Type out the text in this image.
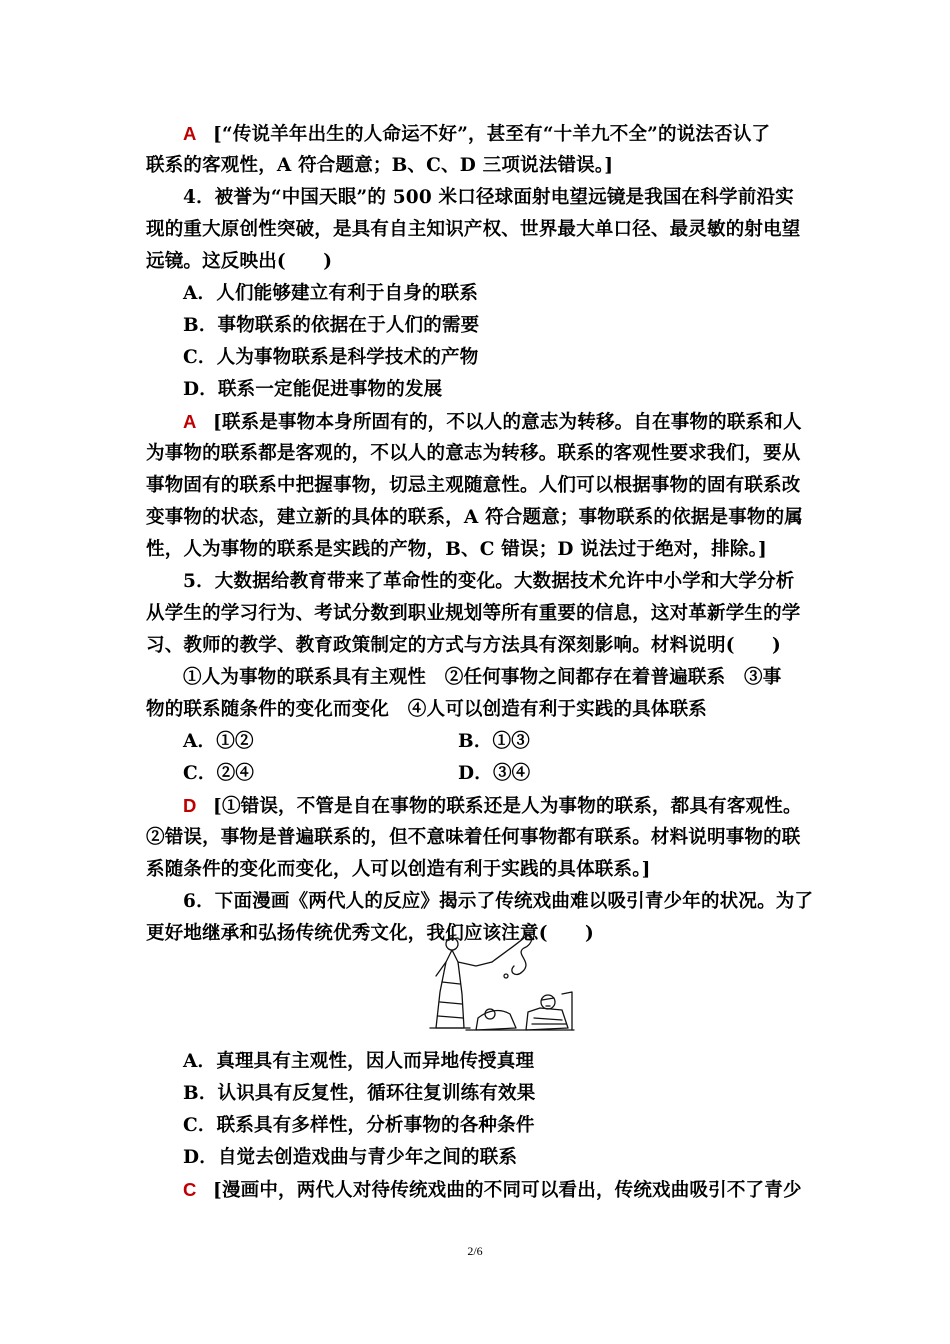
A [“传说羊年出生的人命运不好”，甚至有“十羊九不全”的说法否认了
联系的客观性，A 符合题意；B、C、D 三项说法错误。]
4．被誉为“中国天眼”的 500 米口径球面射电望远镜是我国在科学前沿实
现的重大原创性突破，是具有自主知识产权、世界最大单口径、最灵敏的射电望
远镜。这反映出(　　)
A．人们能够建立有利于自身的联系
B．事物联系的依据在于人们的需要
C．人为事物联系是科学技术的产物
D．联系一定能促进事物的发展
A [联系是事物本身所固有的，不以人的意志为转移。自在事物的联系和人
为事物的联系都是客观的，不以人的意志为转移。联系的客观性要求我们，要从
事物固有的联系中把握事物，切忌主观随意性。人们可以根据事物的固有联系改
变事物的状态，建立新的具体的联系，A 符合题意；事物联系的依据是事物的属
性，人为事物的联系是实践的产物，B、C 错误；D 说法过于绝对，排除。]
5．大数据给教育带来了革命性的变化。大数据技术允许中小学和大学分析
从学生的学习行为、考试分数到职业规划等所有重要的信息，这对革新学生的学
习、教师的教学、教育政策制定的方式与方法具有深刻影响。材料说明(　　)
①人为事物的联系具有主观性　②任何事物之间都存在着普遍联系　③事
物的联系随条件的变化而变化　④人可以创造有利于实践的具体联系
A．①②	B．①③
C．②④	D．③④
D [①错误，不管是自在事物的联系还是人为事物的联系，都具有客观性。
②错误，事物是普遍联系的，但不意味着任何事物都有联系。材料说明事物的联
系随条件的变化而变化，人可以创造有利于实践的具体联系。]
6．下面漫画《两代人的反应》揭示了传统戏曲难以吸引青少年的状况。为了
更好地继承和弘扬传统优秀文化，我们应该注意(　　)
A．真理具有主观性，因人而异地传授真理
B．认识具有反复性，循环往复训练有效果
C．联系具有多样性，分析事物的各种条件
D．自觉去创造戏曲与青少年之间的联系
C [漫画中，两代人对待传统戏曲的不同可以看出，传统戏曲吸引不了青少
2/6
